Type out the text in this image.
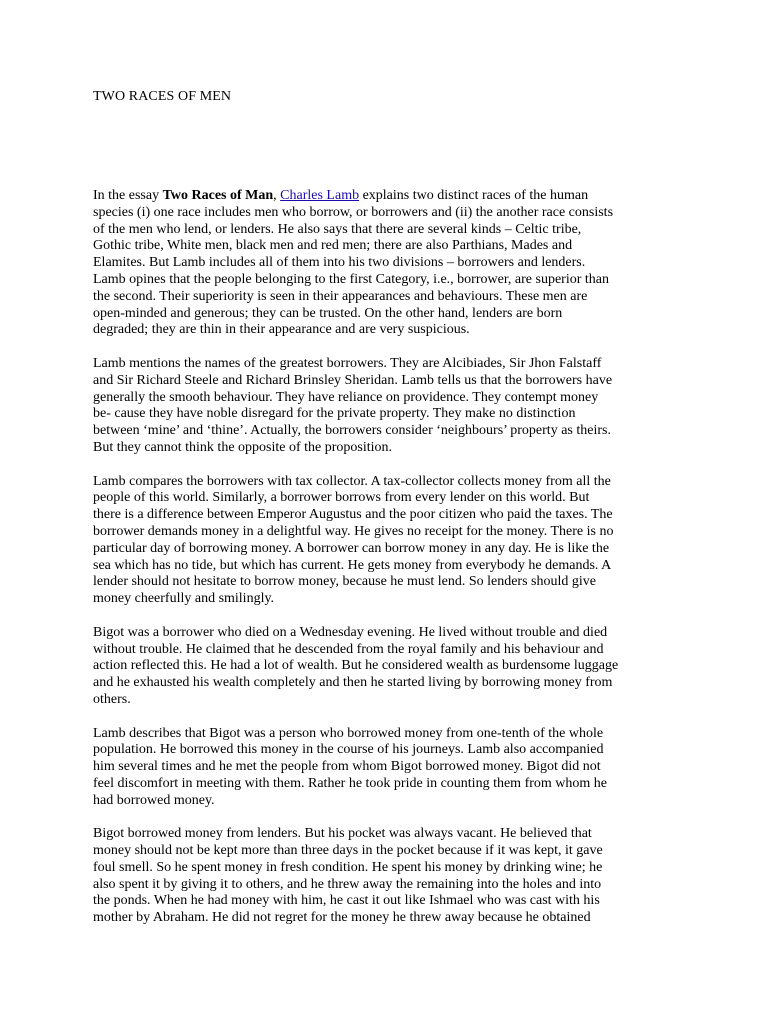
TWO RACES OF MEN

In the essay Two Races of Man, Charles Lamb explains two distinct races of the human
species (i) one race includes men who borrow, or borrowers and (ii) the another race consists
of the men who lend, or lenders. He also says that there are several kinds – Celtic tribe,
Gothic tribe, White men, black men and red men; there are also Parthians, Mades and
Elamites. But Lamb includes all of them into his two divisions – borrowers and lenders.
Lamb opines that the people belonging to the first Category, i.e., borrower, are superior than
the second. Their superiority is seen in their appearances and behaviours. These men are
open-minded and generous; they can be trusted. On the other hand, lenders are born
degraded; they are thin in their appearance and are very suspicious.

Lamb mentions the names of the greatest borrowers. They are Alcibiades, Sir Jhon Falstaff
and Sir Richard Steele and Richard Brinsley Sheridan. Lamb tells us that the borrowers have
generally the smooth behaviour. They have reliance on providence. They contempt money
be- cause they have noble disregard for the private property. They make no distinction
between ‘mine’ and ‘thine’. Actually, the borrowers consider ‘neighbours’ property as theirs.
But they cannot think the opposite of the proposition.

Lamb compares the borrowers with tax collector. A tax-collector collects money from all the
people of this world. Similarly, a borrower borrows from every lender on this world. But
there is a difference between Emperor Augustus and the poor citizen who paid the taxes. The
borrower demands money in a delightful way. He gives no receipt for the money. There is no
particular day of borrowing money. A borrower can borrow money in any day. He is like the
sea which has no tide, but which has current. He gets money from everybody he demands. A
lender should not hesitate to borrow money, because he must lend. So lenders should give
money cheerfully and smilingly.

Bigot was a borrower who died on a Wednesday evening. He lived without trouble and died
without trouble. He claimed that he descended from the royal family and his behaviour and
action reflected this. He had a lot of wealth. But he considered wealth as burdensome luggage
and he exhausted his wealth completely and then he started living by borrowing money from
others.

Lamb describes that Bigot was a person who borrowed money from one-tenth of the whole
population. He borrowed this money in the course of his journeys. Lamb also accompanied
him several times and he met the people from whom Bigot borrowed money. Bigot did not
feel discomfort in meeting with them. Rather he took pride in counting them from whom he
had borrowed money.

Bigot borrowed money from lenders. But his pocket was always vacant. He believed that
money should not be kept more than three days in the pocket because if it was kept, it gave
foul smell. So he spent money in fresh condition. He spent his money by drinking wine; he
also spent it by giving it to others, and he threw away the remaining into the holes and into
the ponds. When he had money with him, he cast it out like Ishmael who was cast with his
mother by Abraham. He did not regret for the money he threw away because he obtained
